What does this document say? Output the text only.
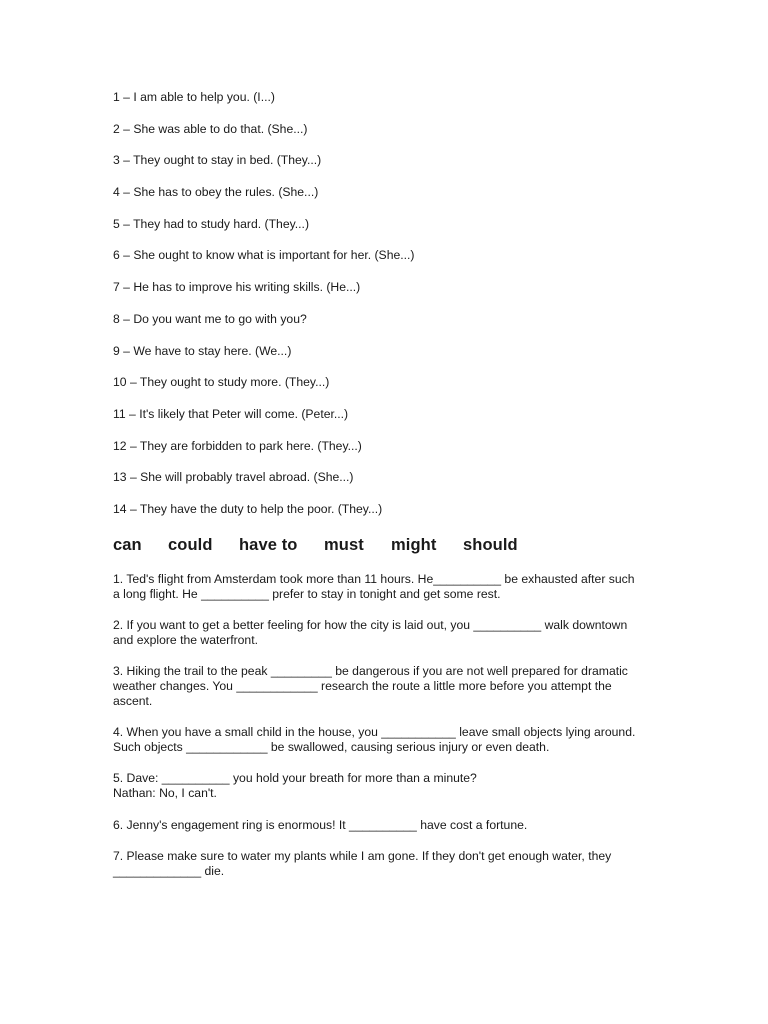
1 – I am able to help you. (I...)
2 – She was able to do that. (She...)
3 – They ought to stay in bed. (They...)
4 – She has to obey the rules. (She...)
5 – They had to study hard. (They...)
6 – She ought to know what is important for her. (She...)
7 – He has to improve his writing skills. (He...)
8 – Do you want me to go with you?
9 – We have to stay here. (We...)
10 – They ought to study more. (They...)
11 – It's likely that Peter will come. (Peter...)
12 – They are forbidden to park here. (They...)
13 – She will probably travel abroad. (She...)
14 – They have the duty to help the poor. (They...)
can could have to must might should
1. Ted's flight from Amsterdam took more than 11 hours. He__________ be exhausted after such
a long flight. He __________ prefer to stay in tonight and get some rest.
2. If you want to get a better feeling for how the city is laid out, you __________ walk downtown
and explore the waterfront.
3. Hiking the trail to the peak _________ be dangerous if you are not well prepared for dramatic
weather changes. You ____________ research the route a little more before you attempt the
ascent.
4. When you have a small child in the house, you ___________ leave small objects lying around.
Such objects ____________ be swallowed, causing serious injury or even death.
5. Dave: __________ you hold your breath for more than a minute?
Nathan: No, I can't.
6. Jenny's engagement ring is enormous! It __________ have cost a fortune.
7. Please make sure to water my plants while I am gone. If they don't get enough water, they
_____________ die.
